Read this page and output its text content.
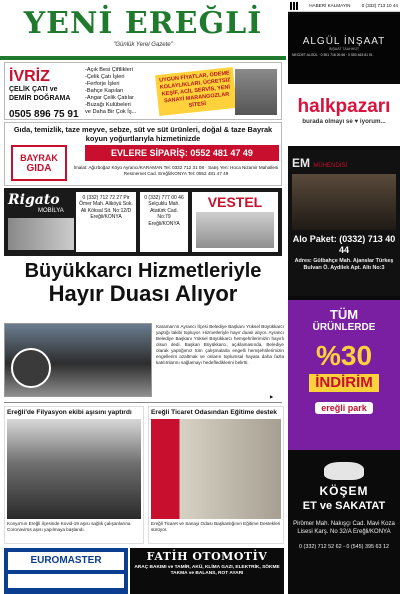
YENİ EREĞLİ
"Günlük Yerel Gazete"
İVRİZ
ÇELİK ÇATI ve
DEMİR DOĞRAMA
0505 896 75 91
-Açık Besi Çiftlikleri
-Çelik Çatı İşleri
-Ferforje İşleri
-Bahçe Kapıları
-Angar Çelik Çatılar
-Buzağı Kulübeleri
ve Daha Bir Çok İş...
UYGUN FİYATLAR, ÖDEME KOLAYLIKLARI, ÜCRETSİZ KEŞİF, ACİL SERVİS, YENİ SANAYİ MARANGOZLAR SİTESİ
Gıda, temizlik, taze meyve, sebze, süt ve süt ürünleri, doğal & taze Bayrak koyun yoğurtlarıyla hizmetinizde
BAYRAK
GIDA
EVLERE SİPARİŞ: 0552 481 47 49
İmalat: Ağızboğaz Köyü Ayrancı/KARAMAN Tel: 0332 712 31 08 · Satış Yeri: Hoca Nizamir Mahallesi Resmemet Cad. Ereğli/KONYA Tel: 0552 481 47 49
Rigato
MOBİLYA
0 (332) 712 72 27 Pir Ömer Mah. Aliköyü Sok. Ali Köksal Sit. No:12/D Ereğli/KONYA
0 (332) 777 00 46 Selçuklu Mah. Atatürk Cad. No:79 Ereğli/KONYA
VESTEL
Büyükkarcı Hizmetleriyle
Hayır Duası Alıyor
Karaman'ın Ayrancı İlçesi Belediye Başkanı Yüksel Büyükkarcı yaptığı takibi topluyor. Hizmetleriyle hayır duası alıyor. Ayrancı Belediye Başkanı Yüksel Büyükkarcı hemşehrilerimizin hayırlı olsun dedi. Başkan Büyükkarcı, açıklamasında, Belediye olarak yaptığımız tüm çalışmalarla engelli hemşehrilerimizin engellerini azaltmak ve onların toplumsal hayata daha fazla katılımlarını sağlamayı hedeflediklerini belirtti.
▶
Ereğli'de Filyasyon ekibi aşısını yaptırdı
Konya'nın Ereğli ilçesinde Kovid-19 aşısı sağlık çalışanlarına Coronavirüs aşısı yapılmaya başlandı.
Ereğli Ticaret Odasından Eğitime destek
Ereğli Ticaret ve Sanayi Odası Başkanlığının Eğitime Destekleri sürüyor.
EUROMASTER	FATİH OTOMOTİV
ARAÇ BAKIMI ve TAMİR, AKÜ, KLİMA GAZI, ELEKTRİK, SÖKME TAKMA ve BALANS, ROT AYARI
HABERİ KALMAYIN 0 (332) 713 10 44
ALGÜL İNŞAAT
İNŞAAT TAAHHÜT
NECDET ALGÜL · 0 551 718 26 66 · 0 553 463 81 01
halkpazarı
burada olmayı se ♥ iyorum...
EM MÜHENDİSİ
Alo Paket: (0332) 713 40 44
Adres: Gülbahçe Mah. Ajanslar Türkeş Bulvarı Ö. Aydilek Apt. Altı No:3
TÜM
ÜRÜNLERDE
%30
İNDİRİM
ereğli park
KÖŞEM
ET ve SAKATAT
Pirömer Mah. Nakışçı Cad. Mavi Koza Lisesi Karş. No 32/A Ereğli/KONYA
0 (332) 712 52 62 - 0 (545) 395 63 12
